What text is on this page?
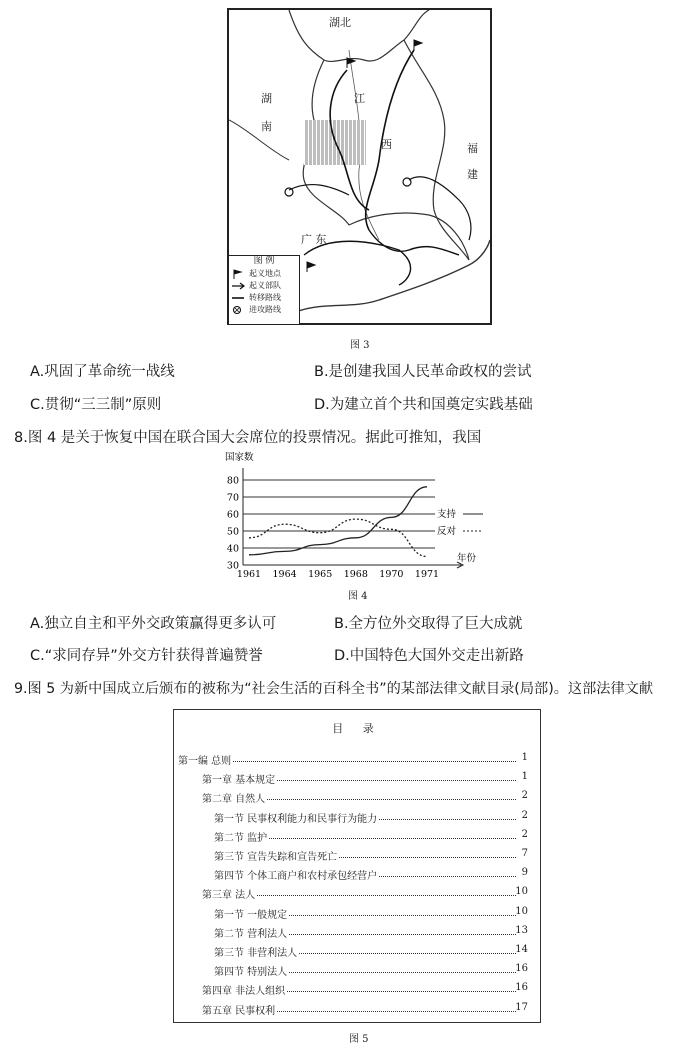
湖北
湖
南
江
西	福
建
广 东
图 例
起义地点
起义部队
转移路线
进攻路线
图 3
A.巩固了革命统一战线	B.是创建我国人民革命政权的尝试
C.贯彻“三三制”原则	D.为建立首个共和国奠定实践基础
8.图 4 是关于恢复中国在联合国大会席位的投票情况。据此可推知，我国
国家数
年份
30
40
50
60
70
80
1961 1964 1965 1968 1970 1971
支持
反对
图 4
A.独立自主和平外交政策赢得更多认可	B.全方位外交取得了巨大成就
C.“求同存异”外交方针获得普遍赞誉	D.中国特色大国外交走出新路
9.图 5 为新中国成立后颁布的被称为“社会生活的百科全书”的某部法律文献目录(局部)。这部法律文献
目 录
第一编 总则	1
第一章 基本规定	1
第二章 自然人	2
第一节 民事权利能力和民事行为能力	2
第二节 监护	2
第三节 宣告失踪和宣告死亡	7
第四节 个体工商户和农村承包经营户	9
第三章 法人	10
第一节 一般规定	10
第二节 营利法人	13
第三节 非营利法人	14
第四节 特别法人	16
第四章 非法人组织	16
第五章 民事权利	17
图 5
